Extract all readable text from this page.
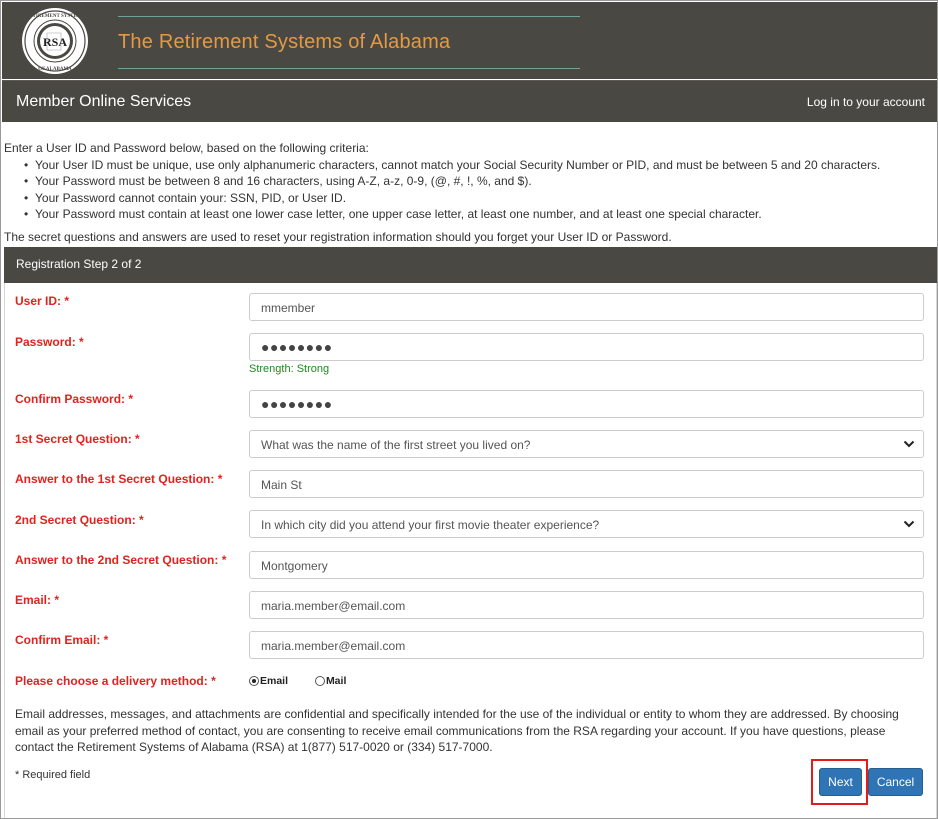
RSA
RETIREMENT SYSTEMS
OF ALABAMA
The Retirement Systems of Alabama
Member Online Services	Log in to your account
Enter a User ID and Password below, based on the following criteria:
• Your User ID must be unique, use only alphanumeric characters, cannot match your Social Security Number or PID, and must be between 5 and 20 characters.
• Your Password must be between 8 and 16 characters, using A-Z, a-z, 0-9, (@, #, !, %, and $).
• Your Password cannot contain your: SSN, PID, or User ID.
• Your Password must contain at least one lower case letter, one upper case letter, at least one number, and at least one special character.
The secret questions and answers are used to reset your registration information should you forget your User ID or Password.
Registration Step 2 of 2
User ID: *	mmember
Password: *	●●●●●●●●
Strength: Strong
Confirm Password: *	●●●●●●●●
1st Secret Question: *	What was the name of the first street you lived on?
Answer to the 1st Secret Question: *	Main St
2nd Secret Question: *	In which city did you attend your first movie theater experience?
Answer to the 2nd Secret Question: *	Montgomery
Email: *	maria.member@email.com
Confirm Email: *	maria.member@email.com
Please choose a delivery method: *	Email	Mail
Email addresses, messages, and attachments are confidential and specifically intended for the use of the individual or entity to whom they are addressed. By choosing email as your preferred method of contact, you are consenting to receive email communications from the RSA regarding your account. If you have questions, please contact the Retirement Systems of Alabama (RSA) at 1(877) 517-0020 or (334) 517-7000.
* Required field	Next	Cancel
